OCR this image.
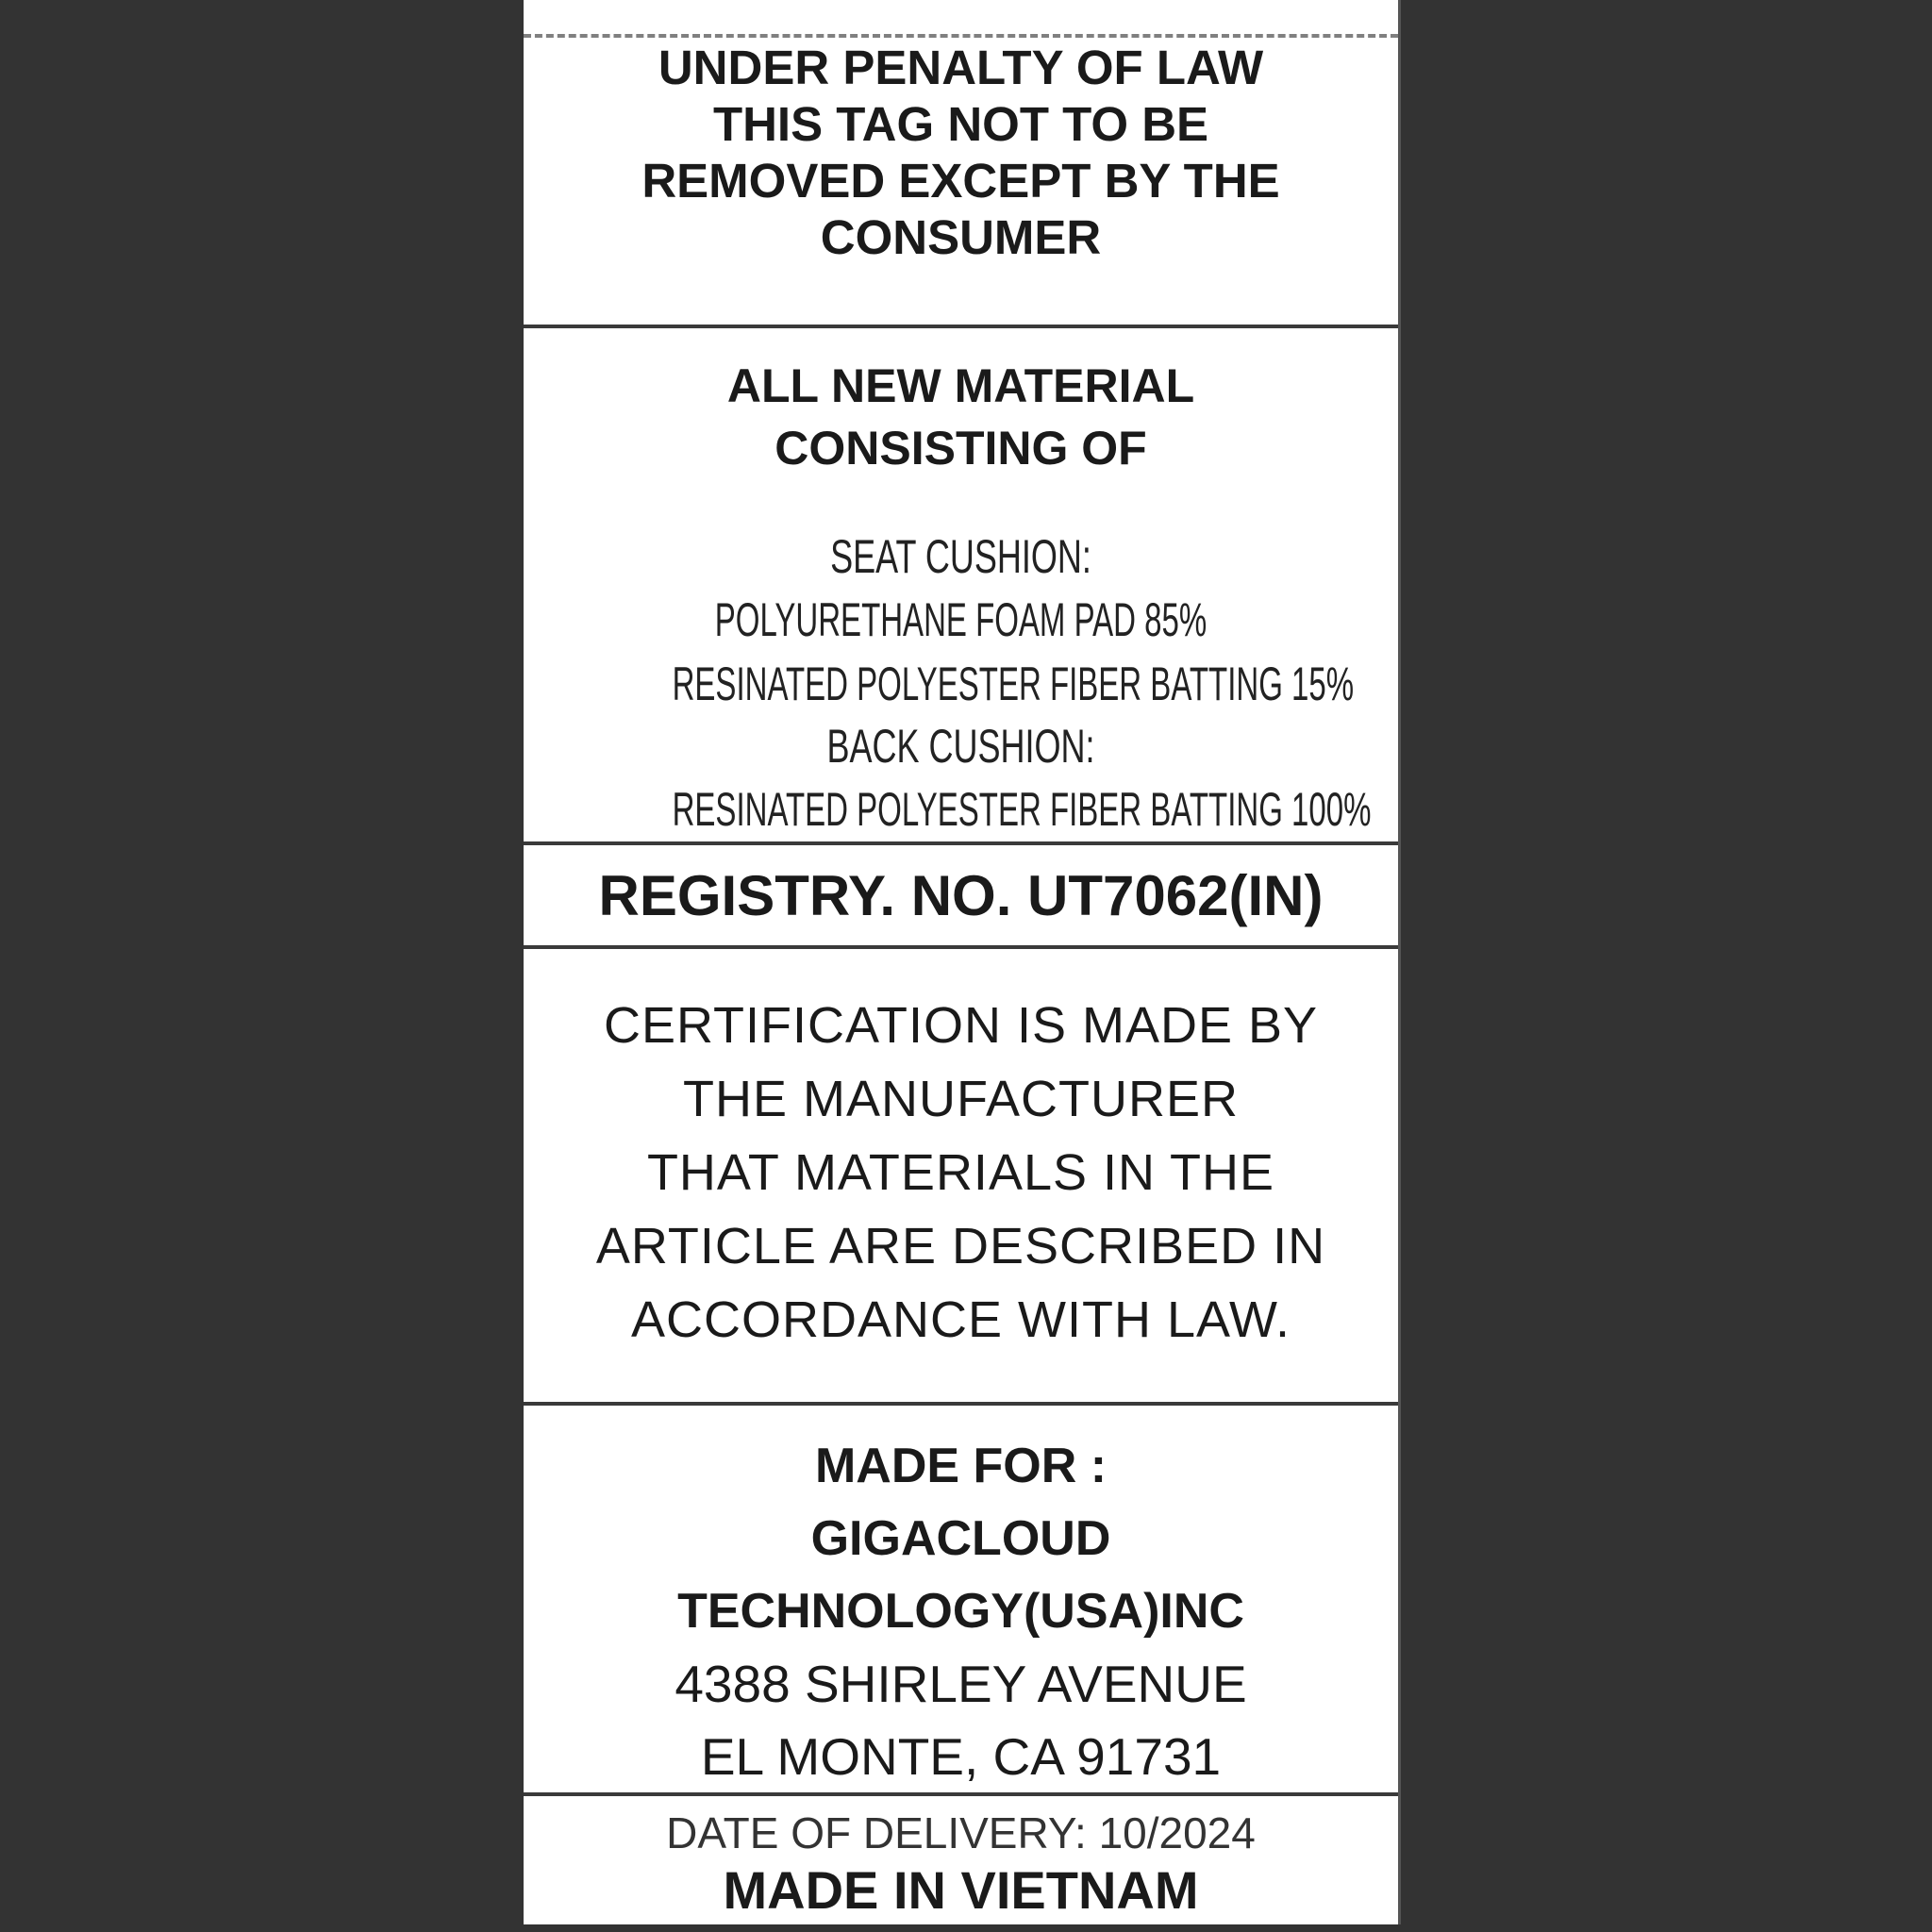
UNDER PENALTY OF LAW
THIS TAG NOT TO BE
REMOVED EXCEPT BY THE
CONSUMER
ALL NEW MATERIAL
CONSISTING OF
SEAT CUSHION:
POLYURETHANE FOAM PAD 85%
RESINATED POLYESTER FIBER BATTING 15%
BACK CUSHION:
RESINATED POLYESTER FIBER BATTING 100%
REGISTRY. NO. UT7062(IN)
CERTIFICATION IS MADE BY
THE MANUFACTURER
THAT MATERIALS IN THE
ARTICLE ARE DESCRIBED IN
ACCORDANCE WITH LAW.
MADE FOR :
GIGACLOUD
TECHNOLOGY(USA)INC
4388 SHIRLEY AVENUE
EL MONTE, CA 91731
DATE OF DELIVERY: 10/2024
MADE IN VIETNAM
